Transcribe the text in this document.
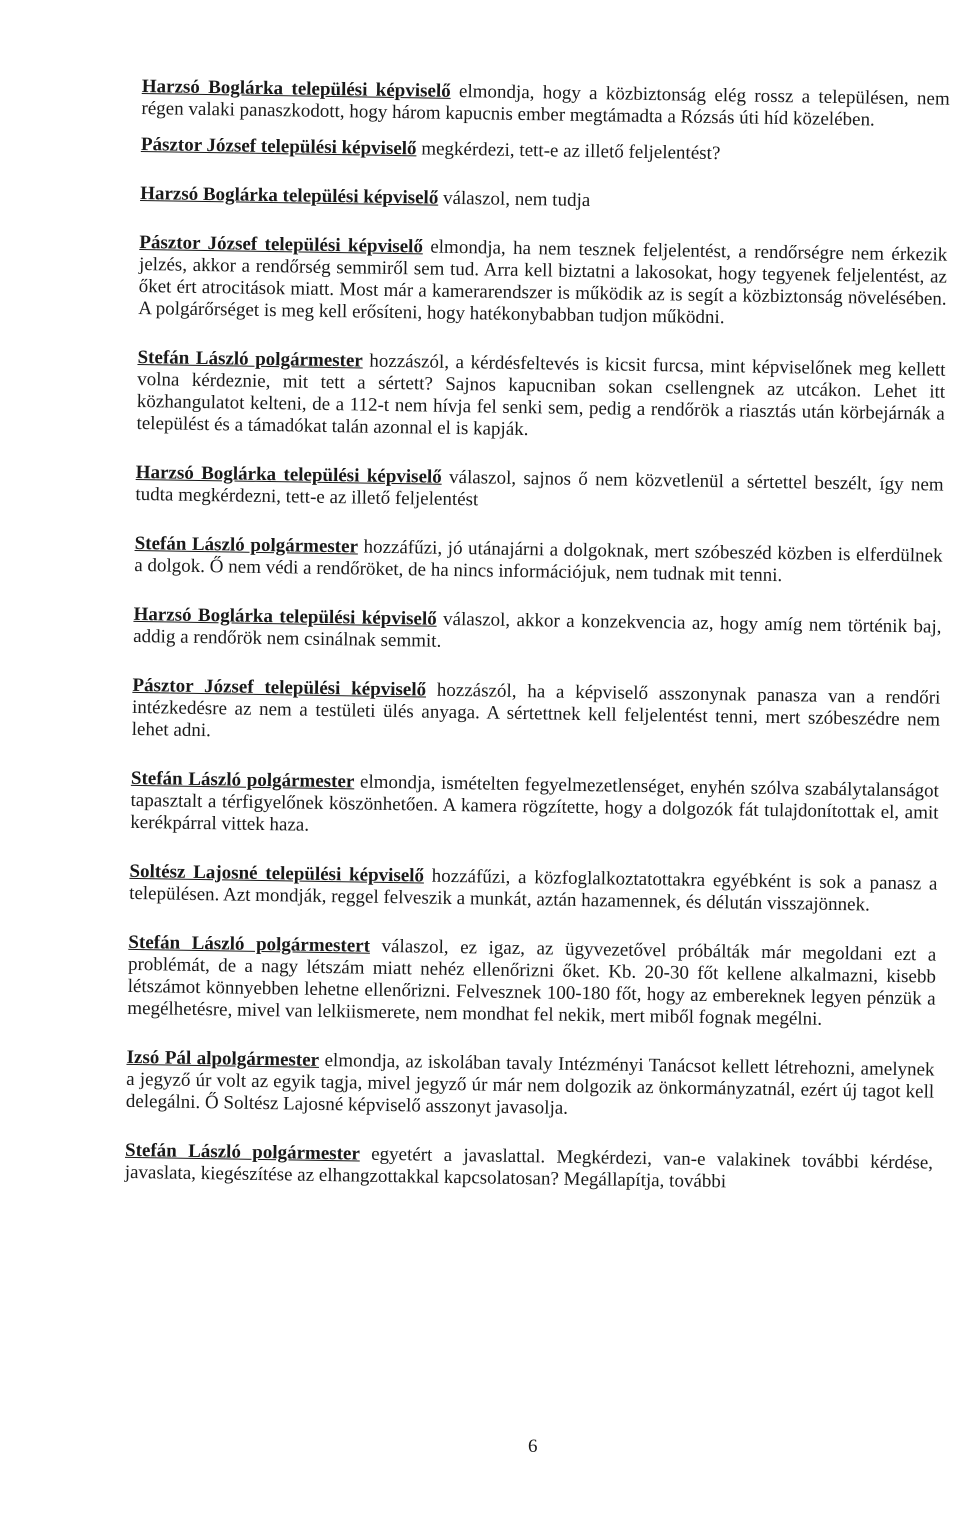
Harzsó Boglárka települési képviselő elmondja, hogy a közbiztonság elég rossz a településen, nem régen valaki panaszkodott, hogy három kapucnis ember megtámadta a Rózsás úti híd közelében.

Pásztor József települési képviselő megkérdezi, tett-e az illető feljelentést?

Harzsó Boglárka települési képviselő válaszol, nem tudja

Pásztor József települési képviselő elmondja, ha nem tesznek feljelentést, a rendőrségre nem érkezik jelzés, akkor a rendőrség semmiről sem tud. Arra kell biztatni a lakosokat, hogy tegyenek feljelentést, az őket ért atrocitások miatt. Most már a kamerarendszer is működik az is segít a közbiztonság növelésében. A polgárőrséget is meg kell erősíteni, hogy hatékonybabban tudjon működni.

Stefán László polgármester hozzászól, a kérdésfeltevés is kicsit furcsa, mint képviselőnek meg kellett volna kérdeznie, mit tett a sértett? Sajnos kapucniban sokan csellengnek az utcákon. Lehet itt közhangulatot kelteni, de a 112-t nem hívja fel senki sem, pedig a rendőrök a riasztás után körbejárnák a települést és a támadókat talán azonnal el is kapják.

Harzsó Boglárka települési képviselő válaszol, sajnos ő nem közvetlenül a sértettel beszélt, így nem tudta megkérdezni, tett-e az illető feljelentést

Stefán László polgármester hozzáfűzi, jó utánajárni a dolgoknak, mert szóbeszéd közben is elferdülnek a dolgok. Ő nem védi a rendőröket, de ha nincs információjuk, nem tudnak mit tenni.

Harzsó Boglárka települési képviselő válaszol, akkor a konzekvencia az, hogy amíg nem történik baj, addig a rendőrök nem csinálnak semmit.

Pásztor József települési képviselő hozzászól, ha a képviselő asszonynak panasza van a rendőri intézkedésre az nem a testületi ülés anyaga. A sértettnek kell feljelentést tenni, mert szóbeszédre nem lehet adni.

Stefán László polgármester elmondja, ismételten fegyelmezetlenséget, enyhén szólva szabálytalanságot tapasztalt a térfigyelőnek köszönhetően. A kamera rögzítette, hogy a dolgozók fát tulajdonítottak el, amit kerékpárral vittek haza.

Soltész Lajosné települési képviselő hozzáfűzi, a közfoglalkoztatottakra egyébként is sok a panasz a településen. Azt mondják, reggel felveszik a munkát, aztán hazamennek, és délután visszajönnek.

Stefán László polgármestert válaszol, ez igaz, az ügyvezetővel próbálták már megoldani ezt a problémát, de a nagy létszám miatt nehéz ellenőrizni őket. Kb. 20-30 főt kellene alkalmazni, kisebb létszámot könnyebben lehetne ellenőrizni. Felvesznek 100-180 főt, hogy az embereknek legyen pénzük a megélhetésre, mivel van lelkiismerete, nem mondhat fel nekik, mert miből fognak megélni.

Izsó Pál alpolgármester elmondja, az iskolában tavaly Intézményi Tanácsot kellett létrehozni, amelynek a jegyző úr volt az egyik tagja, mivel jegyző úr már nem dolgozik az önkormányzatnál, ezért új tagot kell delegálni. Ő Soltész Lajosné képviselő asszonyt javasolja.

Stefán László polgármester egyetért a javaslattal. Megkérdezi, van-e valakinek további kérdése, javaslata, kiegészítése az elhangzottakkal kapcsolatosan? Megállapítja, további

6
